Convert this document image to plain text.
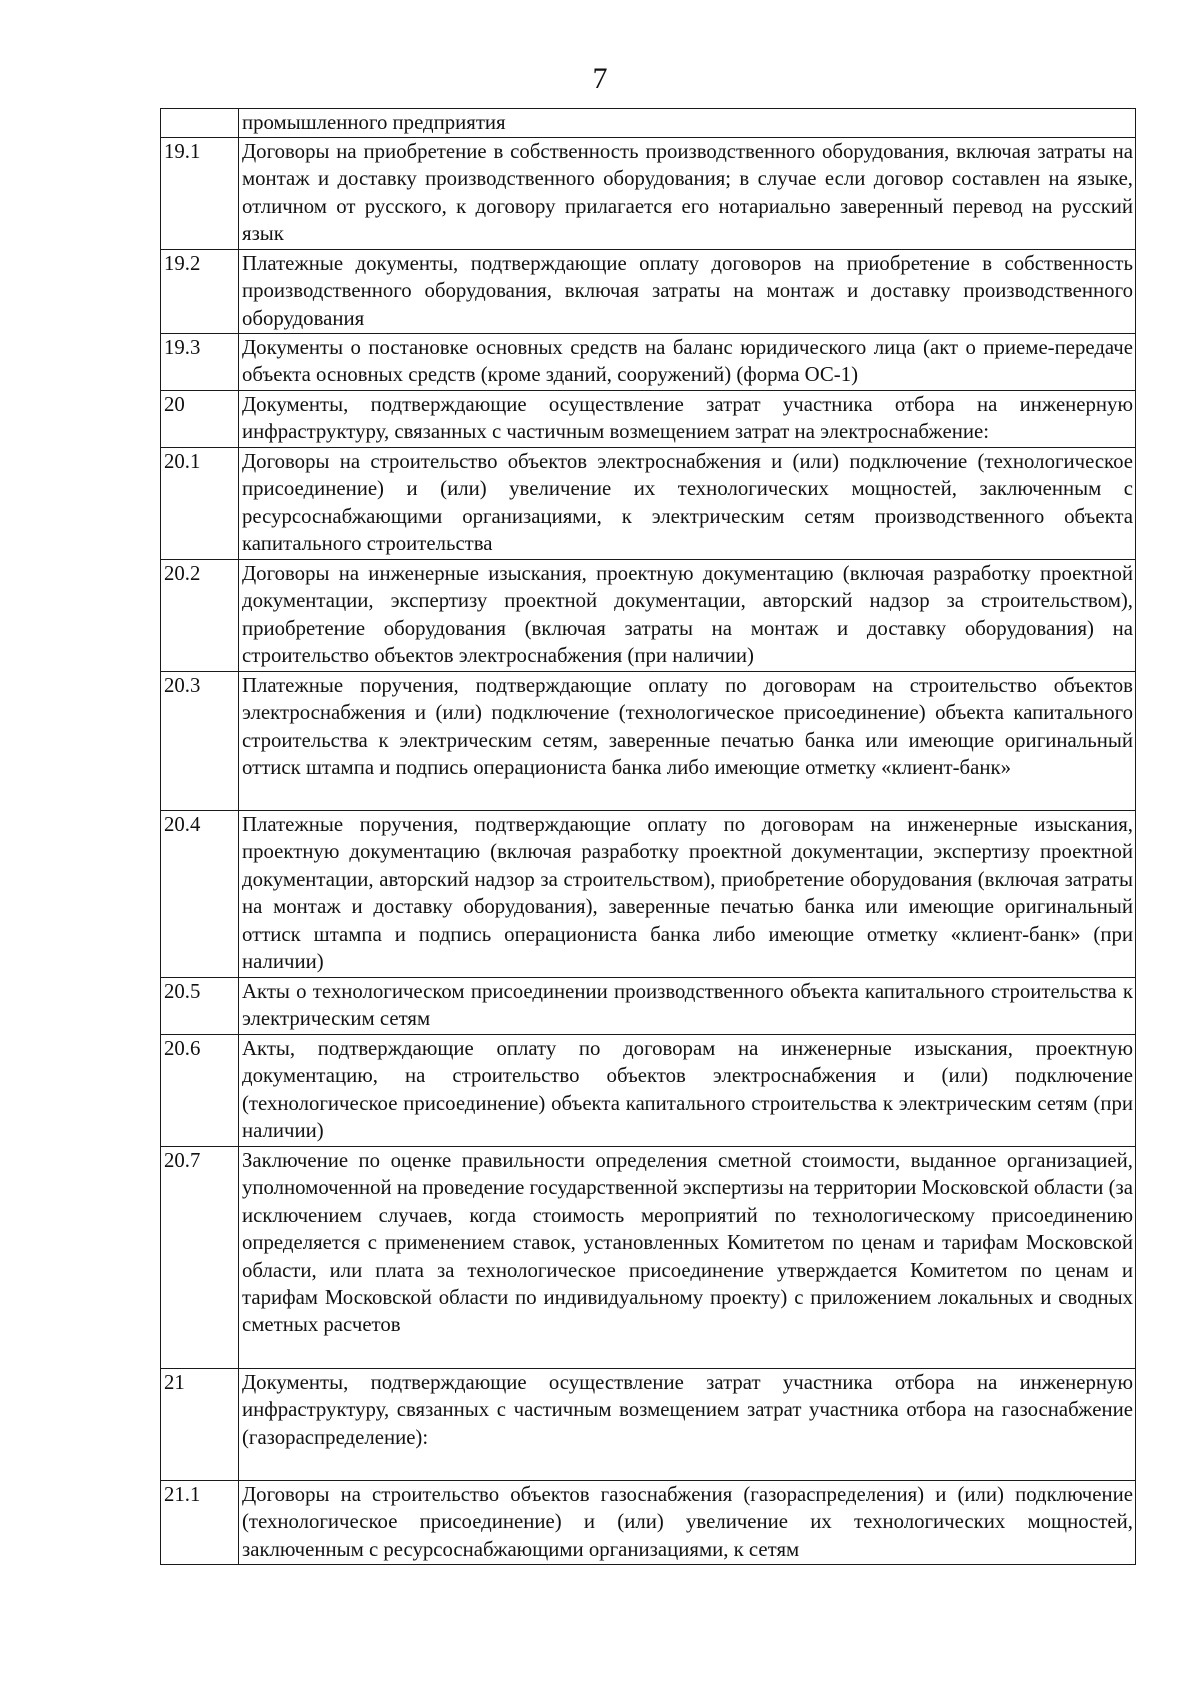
7
	промышленного предприятия
19.1	Договоры на приобретение в собственность производственного оборудования, включая затраты на монтаж и доставку производственного оборудования; в случае если договор составлен на языке, отличном от русского, к договору прилагается его нотариально заверенный перевод на русский язык
19.2	Платежные документы, подтверждающие оплату договоров на приобретение в собственность производственного оборудования, включая затраты на монтаж и доставку производственного оборудования
19.3	Документы о постановке основных средств на баланс юридического лица (акт о приеме-передаче объекта основных средств (кроме зданий, сооружений) (форма ОС-1)
20	Документы, подтверждающие осуществление затрат участника отбора на инженерную инфраструктуру, связанных с частичным возмещением затрат на электроснабжение:
20.1	Договоры на строительство объектов электроснабжения и (или) подключение (технологическое присоединение) и (или) увеличение их технологических мощностей, заключенным с ресурсоснабжающими организациями, к электрическим сетям производственного объекта капитального строительства
20.2	Договоры на инженерные изыскания, проектную документацию (включая разработку проектной документации, экспертизу проектной документации, авторский надзор за строительством), приобретение оборудования (включая затраты на монтаж и доставку оборудования) на строительство объектов электроснабжения (при наличии)
20.3	Платежные поручения, подтверждающие оплату по договорам на строительство объектов электроснабжения и (или) подключение (технологическое присоединение) объекта капитального строительства к электрическим сетям, заверенные печатью банка или имеющие оригинальный оттиск штампа и подпись операциониста банка либо имеющие отметку «клиент-банк»
20.4	Платежные поручения, подтверждающие оплату по договорам на инженерные изыскания, проектную документацию (включая разработку проектной документации, экспертизу проектной документации, авторский надзор за строительством), приобретение оборудования (включая затраты на монтаж и доставку оборудования), заверенные печатью банка или имеющие оригинальный оттиск штампа и подпись операциониста банка либо имеющие отметку «клиент-банк» (при наличии)
20.5	Акты о технологическом присоединении производственного объекта капитального строительства к электрическим сетям
20.6	Акты, подтверждающие оплату по договорам на инженерные изыскания, проектную документацию, на строительство объектов электроснабжения и (или) подключение (технологическое присоединение) объекта капитального строительства к электрическим сетям (при наличии)
20.7	Заключение по оценке правильности определения сметной стоимости, выданное организацией, уполномоченной на проведение государственной экспертизы на территории Московской области (за исключением случаев, когда стоимость мероприятий по технологическому присоединению определяется с применением ставок, установленных Комитетом по ценам и тарифам Московской области, или плата за технологическое присоединение утверждается Комитетом по ценам и тарифам Московской области по индивидуальному проекту) с приложением локальных и сводных сметных расчетов
21	Документы, подтверждающие осуществление затрат участника отбора на инженерную инфраструктуру, связанных с частичным возмещением затрат участника отбора на газоснабжение (газораспределение):
21.1	Договоры на строительство объектов газоснабжения (газораспределения) и (или) подключение (технологическое присоединение) и (или) увеличение их технологических мощностей, заключенным с ресурсоснабжающими организациями, к сетям
